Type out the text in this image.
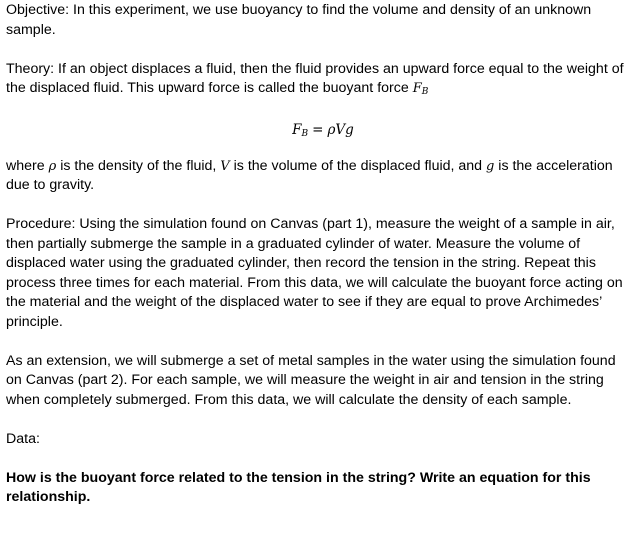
Objective: In this experiment, we use buoyancy to find the volume and density of an unknown sample.

Theory: If an object displaces a fluid, then the fluid provides an upward force equal to the weight of the displaced fluid. This upward force is called the buoyant force $F_B$

$F_B = \rho Vg$

where ρ is the density of the fluid, V is the volume of the displaced fluid, and g is the acceleration due to gravity.

Procedure: Using the simulation found on Canvas (part 1), measure the weight of a sample in air, then partially submerge the sample in a graduated cylinder of water. Measure the volume of displaced water using the graduated cylinder, then record the tension in the string. Repeat this process three times for each material. From this data, we will calculate the buoyant force acting on the material and the weight of the displaced water to see if they are equal to prove Archimedes’ principle.

As an extension, we will submerge a set of metal samples in the water using the simulation found on Canvas (part 2). For each sample, we will measure the weight in air and tension in the string when completely submerged. From this data, we will calculate the density of each sample.

Data:

How is the buoyant force related to the tension in the string? Write an equation for this relationship.
